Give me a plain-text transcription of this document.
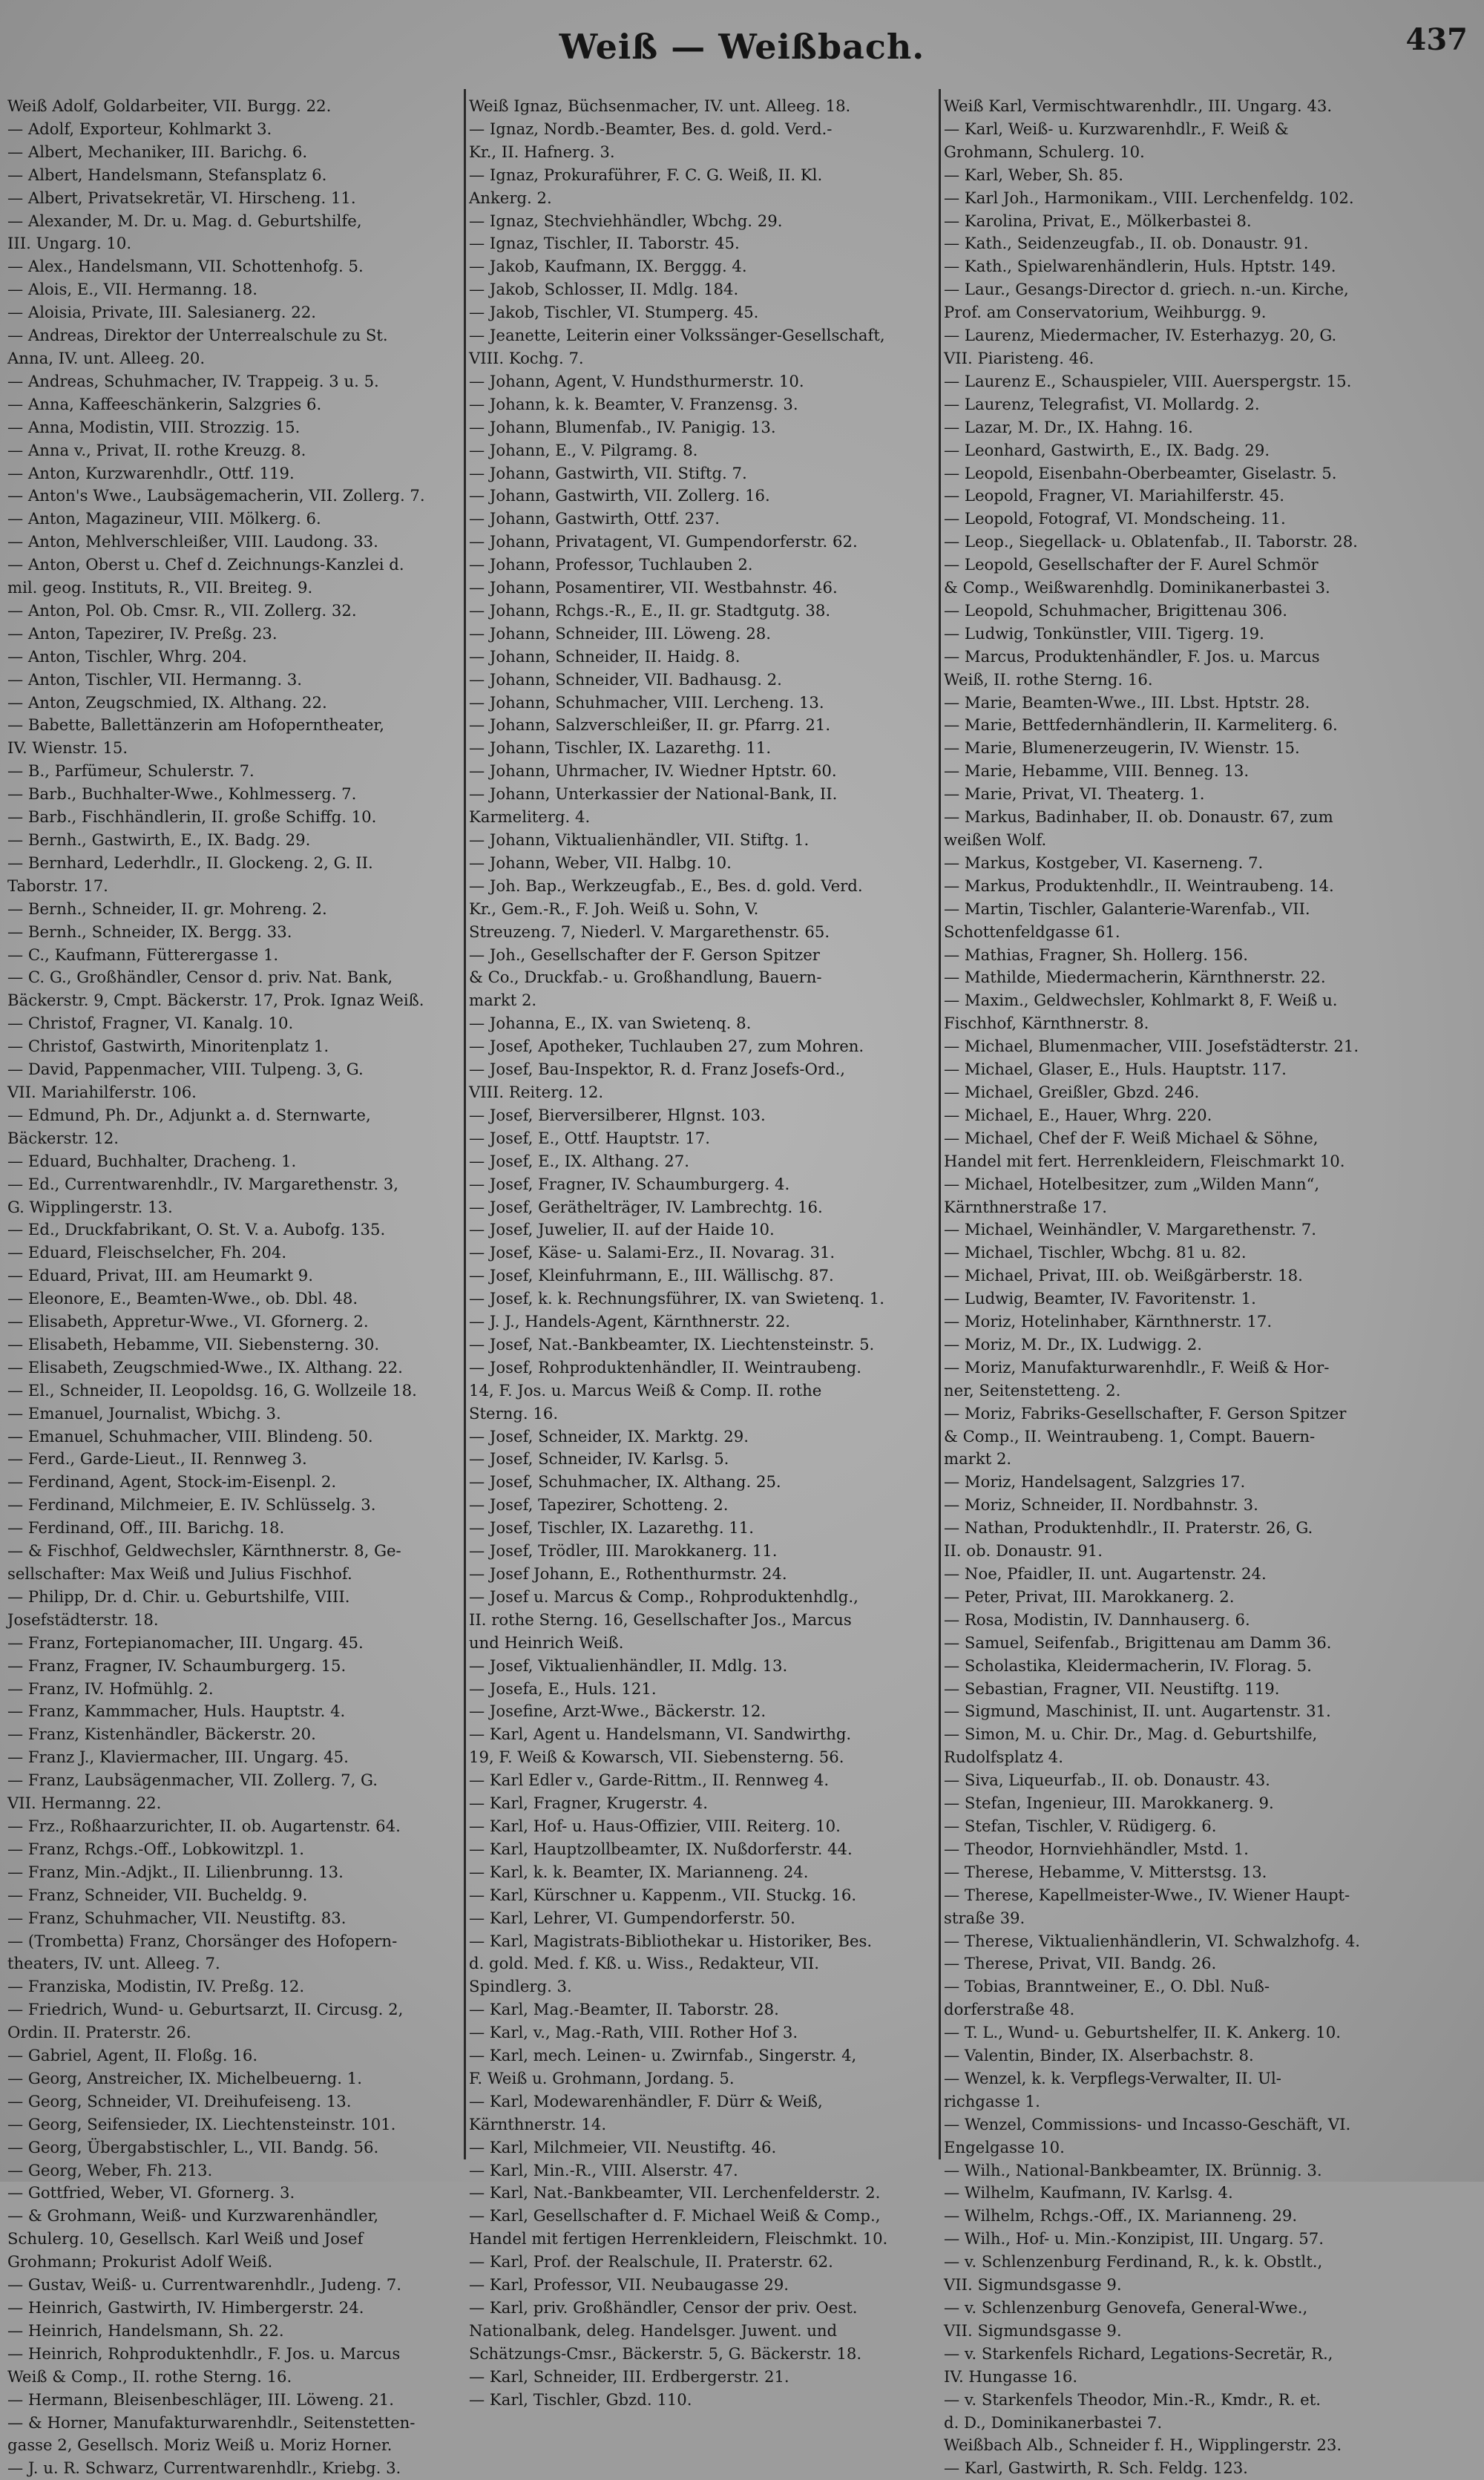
Weiß — Weißbach.	437
Weiß Adolf, Goldarbeiter, VII. Burgg. 22.
— Adolf, Exporteur, Kohlmarkt 3.
— Albert, Mechaniker, III. Barichg. 6.
— Albert, Handelsmann, Stefansplatz 6.
— Albert, Privatsekretär, VI. Hirscheng. 11.
— Alexander, M. Dr. u. Mag. d. Geburtshilfe,
III. Ungarg. 10.
— Alex., Handelsmann, VII. Schottenhofg. 5.
— Alois, E., VII. Hermanng. 18.
— Aloisia, Private, III. Salesianerg. 22.
— Andreas, Direktor der Unterrealschule zu St.
Anna, IV. unt. Alleeg. 20.
— Andreas, Schuhmacher, IV. Trappeig. 3 u. 5.
— Anna, Kaffeeschänkerin, Salzgries 6.
— Anna, Modistin, VIII. Strozzig. 15.
— Anna v., Privat, II. rothe Kreuzg. 8.
— Anton, Kurzwarenhdlr., Ottf. 119.
— Anton's Wwe., Laubsägemacherin, VII. Zollerg. 7.
— Anton, Magazineur, VIII. Mölkerg. 6.
— Anton, Mehlverschleißer, VIII. Laudong. 33.
— Anton, Oberst u. Chef d. Zeichnungs-Kanzlei d.
mil. geog. Instituts, R., VII. Breiteg. 9.
— Anton, Pol. Ob. Cmsr. R., VII. Zollerg. 32.
— Anton, Tapezirer, IV. Preßg. 23.
— Anton, Tischler, Whrg. 204.
— Anton, Tischler, VII. Hermanng. 3.
— Anton, Zeugschmied, IX. Althang. 22.
— Babette, Ballettänzerin am Hofoperntheater,
IV. Wienstr. 15.
— B., Parfümeur, Schulerstr. 7.
— Barb., Buchhalter-Wwe., Kohlmesserg. 7.
— Barb., Fischhändlerin, II. große Schiffg. 10.
— Bernh., Gastwirth, E., IX. Badg. 29.
— Bernhard, Lederhdlr., II. Glockeng. 2, G. II.
Taborstr. 17.
— Bernh., Schneider, II. gr. Mohreng. 2.
— Bernh., Schneider, IX. Bergg. 33.
— C., Kaufmann, Fütterergasse 1.
— C. G., Großhändler, Censor d. priv. Nat. Bank,
Bäckerstr. 9, Cmpt. Bäckerstr. 17, Prok. Ignaz Weiß.
— Christof, Fragner, VI. Kanalg. 10.
— Christof, Gastwirth, Minoritenplatz 1.
— David, Pappenmacher, VIII. Tulpeng. 3, G.
VII. Mariahilferstr. 106.
— Edmund, Ph. Dr., Adjunkt a. d. Sternwarte,
Bäckerstr. 12.
— Eduard, Buchhalter, Dracheng. 1.
— Ed., Currentwarenhdlr., IV. Margarethenstr. 3,
G. Wipplingerstr. 13.
— Ed., Druckfabrikant, O. St. V. a. Aubofg. 135.
— Eduard, Fleischselcher, Fh. 204.
— Eduard, Privat, III. am Heumarkt 9.
— Eleonore, E., Beamten-Wwe., ob. Dbl. 48.
— Elisabeth, Appretur-Wwe., VI. Gfornerg. 2.
— Elisabeth, Hebamme, VII. Siebensterng. 30.
— Elisabeth, Zeugschmied-Wwe., IX. Althang. 22.
— El., Schneider, II. Leopoldsg. 16, G. Wollzeile 18.
— Emanuel, Journalist, Wbichg. 3.
— Emanuel, Schuhmacher, VIII. Blindeng. 50.
— Ferd., Garde-Lieut., II. Rennweg 3.
— Ferdinand, Agent, Stock-im-Eisenpl. 2.
— Ferdinand, Milchmeier, E. IV. Schlüsselg. 3.
— Ferdinand, Off., III. Barichg. 18.
— & Fischhof, Geldwechsler, Kärnthnerstr. 8, Ge-
sellschafter: Max Weiß und Julius Fischhof.
— Philipp, Dr. d. Chir. u. Geburtshilfe, VIII.
Josefstädterstr. 18.
— Franz, Fortepianomacher, III. Ungarg. 45.
— Franz, Fragner, IV. Schaumburgerg. 15.
— Franz, IV. Hofmühlg. 2.
— Franz, Kammmacher, Huls. Hauptstr. 4.
— Franz, Kistenhändler, Bäckerstr. 20.
— Franz J., Klaviermacher, III. Ungarg. 45.
— Franz, Laubsägenmacher, VII. Zollerg. 7, G.
VII. Hermanng. 22.
— Frz., Roßhaarzurichter, II. ob. Augartenstr. 64.
— Franz, Rchgs.-Off., Lobkowitzpl. 1.
— Franz, Min.-Adjkt., II. Lilienbrunng. 13.
— Franz, Schneider, VII. Bucheldg. 9.
— Franz, Schuhmacher, VII. Neustiftg. 83.
— (Trombetta) Franz, Chorsänger des Hofopern-
theaters, IV. unt. Alleeg. 7.
— Franziska, Modistin, IV. Preßg. 12.
— Friedrich, Wund- u. Geburtsarzt, II. Circusg. 2,
Ordin. II. Praterstr. 26.
— Gabriel, Agent, II. Floßg. 16.
— Georg, Anstreicher, IX. Michelbeuerng. 1.
— Georg, Schneider, VI. Dreihufeiseng. 13.
— Georg, Seifensieder, IX. Liechtensteinstr. 101.
— Georg, Übergabstischler, L., VII. Bandg. 56.
— Georg, Weber, Fh. 213.
— Gottfried, Weber, VI. Gfornerg. 3.
— & Grohmann, Weiß- und Kurzwarenhändler,
Schulerg. 10, Gesellsch. Karl Weiß und Josef
Grohmann; Prokurist Adolf Weiß.
— Gustav, Weiß- u. Currentwarenhdlr., Judeng. 7.
— Heinrich, Gastwirth, IV. Himbergerstr. 24.
— Heinrich, Handelsmann, Sh. 22.
— Heinrich, Rohproduktenhdlr., F. Jos. u. Marcus
Weiß & Comp., II. rothe Sterng. 16.
— Hermann, Bleisenbeschläger, III. Löweng. 21.
— & Horner, Manufakturwarenhdlr., Seitenstetten-
gasse 2, Gesellsch. Moriz Weiß u. Moriz Horner.
— J. u. R. Schwarz, Currentwarenhdlr., Kriebg. 3.
Weiß Ignaz, Büchsenmacher, IV. unt. Alleeg. 18.
— Ignaz, Nordb.-Beamter, Bes. d. gold. Verd.-
Kr., II. Hafnerg. 3.
— Ignaz, Prokuraführer, F. C. G. Weiß, II. Kl.
Ankerg. 2.
— Ignaz, Stechviehhändler, Wbchg. 29.
— Ignaz, Tischler, II. Taborstr. 45.
— Jakob, Kaufmann, IX. Berggg. 4.
— Jakob, Schlosser, II. Mdlg. 184.
— Jakob, Tischler, VI. Stumperg. 45.
— Jeanette, Leiterin einer Volkssänger-Gesellschaft,
VIII. Kochg. 7.
— Johann, Agent, V. Hundsthurmerstr. 10.
— Johann, k. k. Beamter, V. Franzensg. 3.
— Johann, Blumenfab., IV. Panigig. 13.
— Johann, E., V. Pilgramg. 8.
— Johann, Gastwirth, VII. Stiftg. 7.
— Johann, Gastwirth, VII. Zollerg. 16.
— Johann, Gastwirth, Ottf. 237.
— Johann, Privatagent, VI. Gumpendorferstr. 62.
— Johann, Professor, Tuchlauben 2.
— Johann, Posamentirer, VII. Westbahnstr. 46.
— Johann, Rchgs.-R., E., II. gr. Stadtgutg. 38.
— Johann, Schneider, III. Löweng. 28.
— Johann, Schneider, II. Haidg. 8.
— Johann, Schneider, VII. Badhausg. 2.
— Johann, Schuhmacher, VIII. Lercheng. 13.
— Johann, Salzverschleißer, II. gr. Pfarrg. 21.
— Johann, Tischler, IX. Lazarethg. 11.
— Johann, Uhrmacher, IV. Wiedner Hptstr. 60.
— Johann, Unterkassier der National-Bank, II.
Karmeliterg. 4.
— Johann, Viktualienhändler, VII. Stiftg. 1.
— Johann, Weber, VII. Halbg. 10.
— Joh. Bap., Werkzeugfab., E., Bes. d. gold. Verd.
Kr., Gem.-R., F. Joh. Weiß u. Sohn, V.
Streuzeng. 7, Niederl. V. Margarethenstr. 65.
— Joh., Gesellschafter der F. Gerson Spitzer
& Co., Druckfab.- u. Großhandlung, Bauern-
markt 2.
— Johanna, E., IX. van Swietenq. 8.
— Josef, Apotheker, Tuchlauben 27, zum Mohren.
— Josef, Bau-Inspektor, R. d. Franz Josefs-Ord.,
VIII. Reiterg. 12.
— Josef, Bierversilberer, Hlgnst. 103.
— Josef, E., Ottf. Hauptstr. 17.
— Josef, E., IX. Althang. 27.
— Josef, Fragner, IV. Schaumburgerg. 4.
— Josef, Geräthelträger, IV. Lambrechtg. 16.
— Josef, Juwelier, II. auf der Haide 10.
— Josef, Käse- u. Salami-Erz., II. Novarag. 31.
— Josef, Kleinfuhrmann, E., III. Wällischg. 87.
— Josef, k. k. Rechnungsführer, IX. van Swietenq. 1.
— J. J., Handels-Agent, Kärnthnerstr. 22.
— Josef, Nat.-Bankbeamter, IX. Liechtensteinstr. 5.
— Josef, Rohproduktenhändler, II. Weintraubeng.
14, F. Jos. u. Marcus Weiß & Comp. II. rothe
Sterng. 16.
— Josef, Schneider, IX. Marktg. 29.
— Josef, Schneider, IV. Karlsg. 5.
— Josef, Schuhmacher, IX. Althang. 25.
— Josef, Tapezirer, Schotteng. 2.
— Josef, Tischler, IX. Lazarethg. 11.
— Josef, Trödler, III. Marokkanerg. 11.
— Josef Johann, E., Rothenthurmstr. 24.
— Josef u. Marcus & Comp., Rohproduktenhdlg.,
II. rothe Sterng. 16, Gesellschafter Jos., Marcus
und Heinrich Weiß.
— Josef, Viktualienhändler, II. Mdlg. 13.
— Josefa, E., Huls. 121.
— Josefine, Arzt-Wwe., Bäckerstr. 12.
— Karl, Agent u. Handelsmann, VI. Sandwirthg.
19, F. Weiß & Kowarsch, VII. Siebensterng. 56.
— Karl Edler v., Garde-Rittm., II. Rennweg 4.
— Karl, Fragner, Krugerstr. 4.
— Karl, Hof- u. Haus-Offizier, VIII. Reiterg. 10.
— Karl, Hauptzollbeamter, IX. Nußdorferstr. 44.
— Karl, k. k. Beamter, IX. Marianneng. 24.
— Karl, Kürschner u. Kappenm., VII. Stuckg. 16.
— Karl, Lehrer, VI. Gumpendorferstr. 50.
— Karl, Magistrats-Bibliothekar u. Historiker, Bes.
d. gold. Med. f. Kß. u. Wiss., Redakteur, VII.
Spindlerg. 3.
— Karl, Mag.-Beamter, II. Taborstr. 28.
— Karl, v., Mag.-Rath, VIII. Rother Hof 3.
— Karl, mech. Leinen- u. Zwirnfab., Singerstr. 4,
F. Weiß u. Grohmann, Jordang. 5.
— Karl, Modewarenhändler, F. Dürr & Weiß,
Kärnthnerstr. 14.
— Karl, Milchmeier, VII. Neustiftg. 46.
— Karl, Min.-R., VIII. Alserstr. 47.
— Karl, Nat.-Bankbeamter, VII. Lerchenfelderstr. 2.
— Karl, Gesellschafter d. F. Michael Weiß & Comp.,
Handel mit fertigen Herrenkleidern, Fleischmkt. 10.
— Karl, Prof. der Realschule, II. Praterstr. 62.
— Karl, Professor, VII. Neubaugasse 29.
— Karl, priv. Großhändler, Censor der priv. Oest.
Nationalbank, deleg. Handelsger. Juwent. und
Schätzungs-Cmsr., Bäckerstr. 5, G. Bäckerstr. 18.
— Karl, Schneider, III. Erdbergerstr. 21.
— Karl, Tischler, Gbzd. 110.
Weiß Karl, Vermischtwarenhdlr., III. Ungarg. 43.
— Karl, Weiß- u. Kurzwarenhdlr., F. Weiß &
Grohmann, Schulerg. 10.
— Karl, Weber, Sh. 85.
— Karl Joh., Harmonikam., VIII. Lerchenfeldg. 102.
— Karolina, Privat, E., Mölkerbastei 8.
— Kath., Seidenzeugfab., II. ob. Donaustr. 91.
— Kath., Spielwarenhändlerin, Huls. Hptstr. 149.
— Laur., Gesangs-Director d. griech. n.-un. Kirche,
Prof. am Conservatorium, Weihburgg. 9.
— Laurenz, Miedermacher, IV. Esterhazyg. 20, G.
VII. Piaristeng. 46.
— Laurenz E., Schauspieler, VIII. Auerspergstr. 15.
— Laurenz, Telegrafist, VI. Mollardg. 2.
— Lazar, M. Dr., IX. Hahng. 16.
— Leonhard, Gastwirth, E., IX. Badg. 29.
— Leopold, Eisenbahn-Oberbeamter, Giselastr. 5.
— Leopold, Fragner, VI. Mariahilferstr. 45.
— Leopold, Fotograf, VI. Mondscheing. 11.
— Leop., Siegellack- u. Oblatenfab., II. Taborstr. 28.
— Leopold, Gesellschafter der F. Aurel Schmör
& Comp., Weißwarenhdlg. Dominikanerbastei 3.
— Leopold, Schuhmacher, Brigittenau 306.
— Ludwig, Tonkünstler, VIII. Tigerg. 19.
— Marcus, Produktenhändler, F. Jos. u. Marcus
Weiß, II. rothe Sterng. 16.
— Marie, Beamten-Wwe., III. Lbst. Hptstr. 28.
— Marie, Bettfedernhändlerin, II. Karmeliterg. 6.
— Marie, Blumenerzeugerin, IV. Wienstr. 15.
— Marie, Hebamme, VIII. Benneg. 13.
— Marie, Privat, VI. Theaterg. 1.
— Markus, Badinhaber, II. ob. Donaustr. 67, zum
weißen Wolf.
— Markus, Kostgeber, VI. Kaserneng. 7.
— Markus, Produktenhdlr., II. Weintraubeng. 14.
— Martin, Tischler, Galanterie-Warenfab., VII.
Schottenfeldgasse 61.
— Mathias, Fragner, Sh. Hollerg. 156.
— Mathilde, Miedermacherin, Kärnthnerstr. 22.
— Maxim., Geldwechsler, Kohlmarkt 8, F. Weiß u.
Fischhof, Kärnthnerstr. 8.
— Michael, Blumenmacher, VIII. Josefstädterstr. 21.
— Michael, Glaser, E., Huls. Hauptstr. 117.
— Michael, Greißler, Gbzd. 246.
— Michael, E., Hauer, Whrg. 220.
— Michael, Chef der F. Weiß Michael & Söhne,
Handel mit fert. Herrenkleidern, Fleischmarkt 10.
— Michael, Hotelbesitzer, zum „Wilden Mann“,
Kärnthnerstraße 17.
— Michael, Weinhändler, V. Margarethenstr. 7.
— Michael, Tischler, Wbchg. 81 u. 82.
— Michael, Privat, III. ob. Weißgärberstr. 18.
— Ludwig, Beamter, IV. Favoritenstr. 1.
— Moriz, Hotelinhaber, Kärnthnerstr. 17.
— Moriz, M. Dr., IX. Ludwigg. 2.
— Moriz, Manufakturwarenhdlr., F. Weiß & Hor-
ner, Seitenstetteng. 2.
— Moriz, Fabriks-Gesellschafter, F. Gerson Spitzer
& Comp., II. Weintraubeng. 1, Compt. Bauern-
markt 2.
— Moriz, Handelsagent, Salzgries 17.
— Moriz, Schneider, II. Nordbahnstr. 3.
— Nathan, Produktenhdlr., II. Praterstr. 26, G.
II. ob. Donaustr. 91.
— Noe, Pfaidler, II. unt. Augartenstr. 24.
— Peter, Privat, III. Marokkanerg. 2.
— Rosa, Modistin, IV. Dannhauserg. 6.
— Samuel, Seifenfab., Brigittenau am Damm 36.
— Scholastika, Kleidermacherin, IV. Florag. 5.
— Sebastian, Fragner, VII. Neustiftg. 119.
— Sigmund, Maschinist, II. unt. Augartenstr. 31.
— Simon, M. u. Chir. Dr., Mag. d. Geburtshilfe,
Rudolfsplatz 4.
— Siva, Liqueurfab., II. ob. Donaustr. 43.
— Stefan, Ingenieur, III. Marokkanerg. 9.
— Stefan, Tischler, V. Rüdigerg. 6.
— Theodor, Hornviehhändler, Mstd. 1.
— Therese, Hebamme, V. Mitterstsg. 13.
— Therese, Kapellmeister-Wwe., IV. Wiener Haupt-
straße 39.
— Therese, Viktualienhändlerin, VI. Schwalzhofg. 4.
— Therese, Privat, VII. Bandg. 26.
— Tobias, Branntweiner, E., O. Dbl. Nuß-
dorferstraße 48.
— T. L., Wund- u. Geburtshelfer, II. K. Ankerg. 10.
— Valentin, Binder, IX. Alserbachstr. 8.
— Wenzel, k. k. Verpflegs-Verwalter, II. Ul-
richgasse 1.
— Wenzel, Commissions- und Incasso-Geschäft, VI.
Engelgasse 10.
— Wilh., National-Bankbeamter, IX. Brünnig. 3.
— Wilhelm, Kaufmann, IV. Karlsg. 4.
— Wilhelm, Rchgs.-Off., IX. Marianneng. 29.
— Wilh., Hof- u. Min.-Konzipist, III. Ungarg. 57.
— v. Schlenzenburg Ferdinand, R., k. k. Obstlt.,
VII. Sigmundsgasse 9.
— v. Schlenzenburg Genovefa, General-Wwe.,
VII. Sigmundsgasse 9.
— v. Starkenfels Richard, Legations-Secretär, R.,
IV. Hungasse 16.
— v. Starkenfels Theodor, Min.-R., Kmdr., R. et.
d. D., Dominikanerbastei 7.
Weißbach Alb., Schneider f. H., Wipplingerstr. 23.
— Karl, Gastwirth, R. Sch. Feldg. 123.
